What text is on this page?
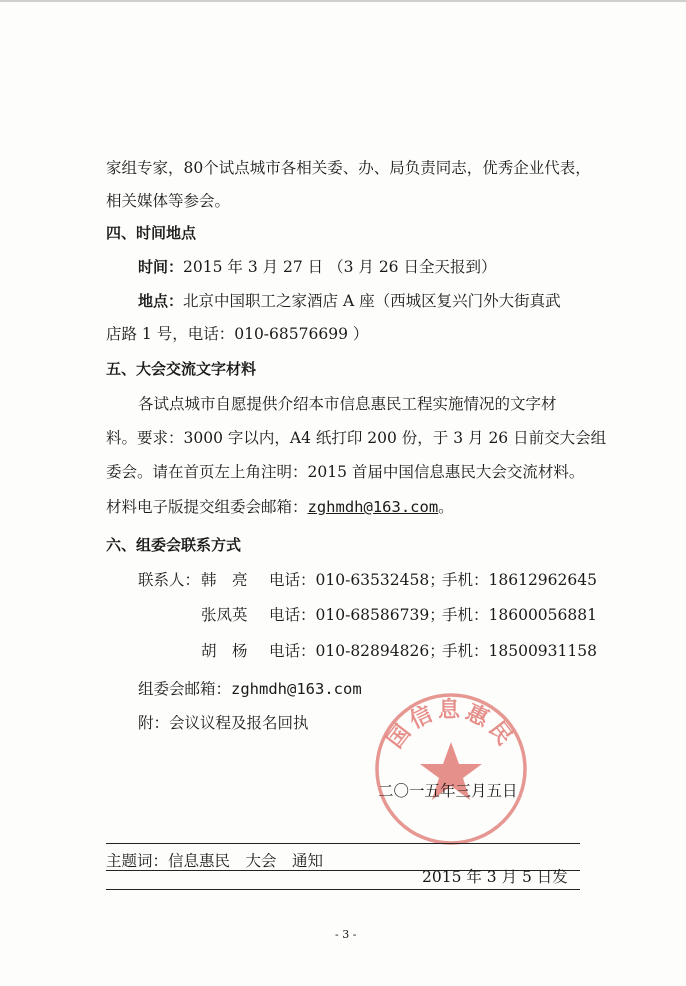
家组专家，80个试点城市各相关委、办、局负责同志，优秀企业代表，
相关媒体等参会。
四、时间地点
时间：2015 年 3 月 27 日 （3 月 26 日全天报到）
地点：北京中国职工之家酒店 A 座（西城区复兴门外大街真武
店路 1 号，电话：010-68576699 ）
五、大会交流文字材料
各试点城市自愿提供介绍本市信息惠民工程实施情况的文字材
料。要求：3000 字以内，A4 纸打印 200 份，于 3 月 26 日前交大会组
委会。请在首页左上角注明：2015 首届中国信息惠民大会交流材料。
材料电子版提交组委会邮箱：zghmdh@163.com。
六、组委会联系方式
联系人： 韩　亮 电话：010-63532458；
手机：18612962645
张凤英 电话：010-68586739；
手机：18600056881
胡　杨 电话：010-82894826；
手机：18500931158
组委会邮箱：zghmdh@163.com
附：会议议程及报名回执	国信息惠民
二〇一五年三月五日
主题词：信息惠民　大会　通知
2015 年 3 月 5 日发
- 3 -
